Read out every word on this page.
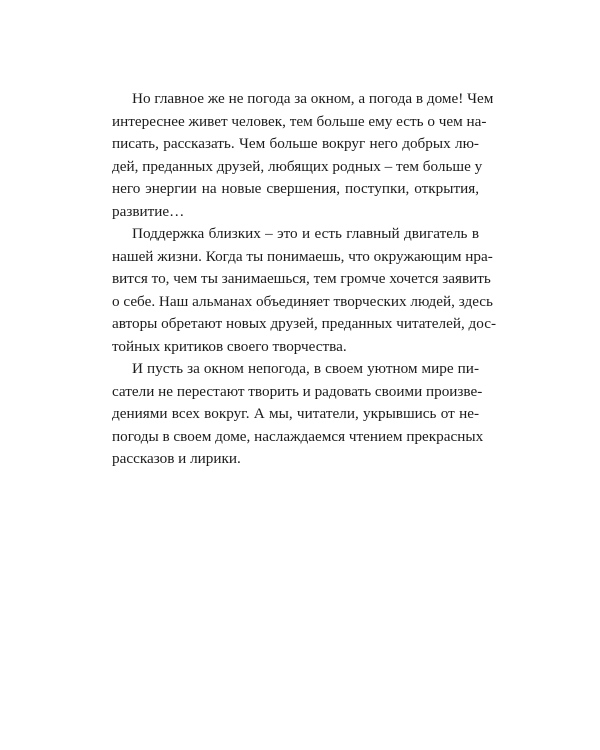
Но главное же не погода за окном, а погода в доме! Чем
интереснее живет человек, тем больше ему есть о чем на-
писать, рассказать. Чем больше вокруг него добрых лю-
дей, преданных друзей, любящих родных – тем больше у
него энергии на новые свершения, поступки, открытия,
развитие…
Поддержка близких – это и есть главный двигатель в
нашей жизни. Когда ты понимаешь, что окружающим нра-
вится то, чем ты занимаешься, тем громче хочется заявить
о себе. Наш альманах объединяет творческих людей, здесь
авторы обретают новых друзей, преданных читателей, дос-
тойных критиков своего творчества.
И пусть за окном непогода, в своем уютном мире пи-
сатели не перестают творить и радовать своими произве-
дениями всех вокруг. А мы, читатели, укрывшись от не-
погоды в своем доме, наслаждаемся чтением прекрасных
рассказов и лирики.
